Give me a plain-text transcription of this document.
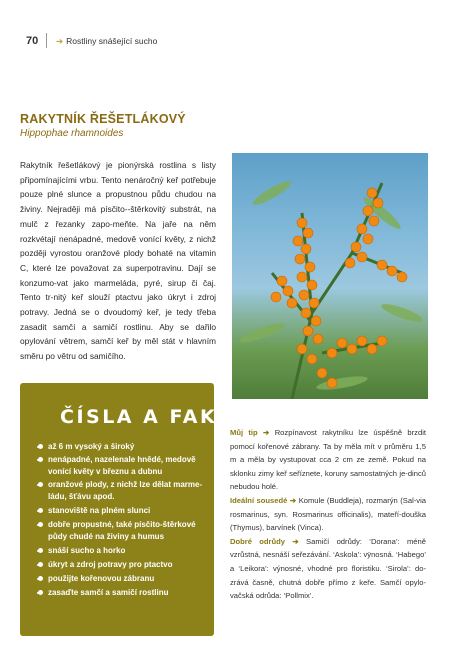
70 ➔ Rostliny snášející sucho
RAKYTNÍK ŘEŠETLÁKOVÝ
Hippophae rhamnoides
Rakytník řešetlákový je pionýrská rostlina s listy připomínajícími vrbu. Tento nenáročný keř potřebuje pouze plné slunce a propustnou půdu chudou na živiny. Nejraději má písčito--štěrkovitý substrát, na mulč z řezanky zapo-meňte. Na jaře na něm rozkvétají nenápadné, medově vonící květy, z nichž později vyrostou oranžové plody bohaté na vitamin C, které lze považovat za superpotravinu. Dají se konzumo-vat jako marmeláda, pyré, sirup či čaj. Tento tr-nitý keř slouží ptactvu jako úkryt i zdroj potravy. Jedná se o dvoudomý keř, je tedy třeba zasadit samčí a samičí rostlinu. Aby se dařilo opylování větrem, samčí keř by měl stát v hlavním směru po větru od samičího.
ČÍSLA A FAKTA
• až 6 m vysoký a široký
• nenápadné, nazelenale hnědé, medově vonící květy v březnu a dubnu
• oranžové plody, z nichž lze dělat marme-ládu, šťávu apod.
• stanoviště na plném slunci
• dobře propustné, také písčito-štěrkové půdy chudé na živiny a humus
• snáší sucho a horko
• úkryt a zdroj potravy pro ptactvo
• použijte kořenovou zábranu
• zasaďte samčí a samičí rostlinu

Můj tip ➔ Rozpínavost rakytníku lze úspěšně brzdit pomocí kořenové zábrany. Ta by měla mít v průměru 1,5 m a měla by vystupovat cca 2 cm ze země. Pokud na sklonku zimy keř seříznete, koruny samostatných je-dinců nebudou holé.

Ideální sousedé ➔ Komule (Buddleja), rozmarýn (Sal-via rosmarinus, syn. Rosmarinus officinalis), mateří-douška (Thymus), barvínek (Vinca).

Dobré odrůdy ➔ Samičí odrůdy: ‘Dorana’: méně vzrůstná, nesnáší seřezávání. ‘Askola’: vÿnosná. ‘Habego’ a ‘Leikora’: výnosné, vhodné pro floristiku. ‘Sirola’: do-zrává časně, chutná dobře přímo z keře. Samčí opylo-vačská odrůda: ‘Pollmix’.
